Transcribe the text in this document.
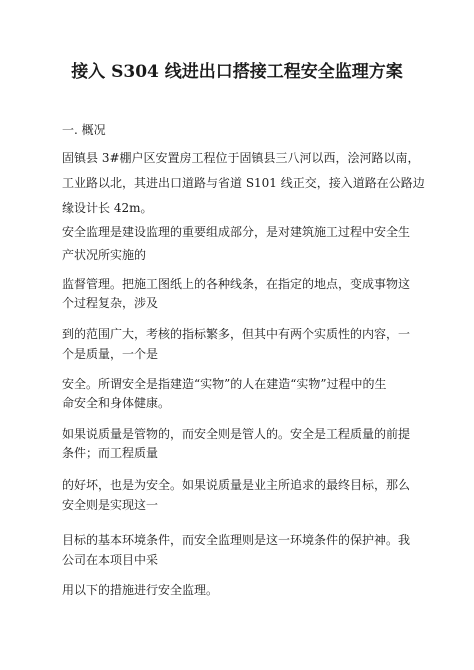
接入 S304 线进出口搭接工程安全监理方案
一. 概况
固镇县 3#棚户区安置房工程位于固镇县三八河以西，浍河路以南，
工业路以北，其进出口道路与省道 S101 线正交，接入道路在公路边
缘设计长 42m。
安全监理是建设监理的重要组成部分，是对建筑施工过程中安全生
产状况所实施的
监督管理。把施工图纸上的各种线条，在指定的地点，变成事物这
个过程复杂，涉及
到的范围广大，考核的指标繁多，但其中有两个实质性的内容，一
个是质量，一个是
安全。所谓安全是指建造“实物”的人在建造“实物”过程中的生
命安全和身体健康。
如果说质量是管物的，而安全则是管人的。安全是工程质量的前提
条件；而工程质量
的好坏，也是为安全。如果说质量是业主所追求的最终目标，那么
安全则是实现这一
目标的基本环境条件，而安全监理则是这一环境条件的保护神。我
公司在本项目中采
用以下的措施进行安全监理。
